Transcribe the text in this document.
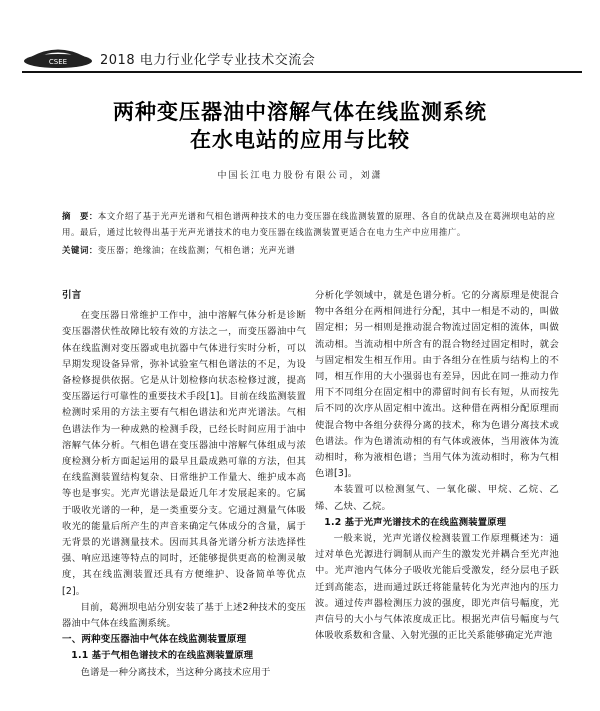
CSEE	2018 电力行业化学专业技术交流会
两种变压器油中溶解气体在线监测系统
在水电站的应用与比较
中国长江电力股份有限公司，刘潇
摘　要：本文介绍了基于光声光谱和气相色谱两种技术的电力变压器在线监测装置的原理、各自的优缺点及在葛洲坝电站的应用。最后，通过比较得出基于光声光谱技术的电力变压器在线监测装置更适合在电力生产中应用推广。
关键词：变压器；绝缘油；在线监测；气相色谱；光声光谱
引言

在变压器日常维护工作中，油中溶解气体分析是诊断变压器潜伏性故障比较有效的方法之一，而变压器油中气体在线监测对变压器或电抗器中气体进行实时分析，可以早期发现设备异常，弥补试验室气相色谱法的不足，为设备检修提供依据。它是从计划检修向状态检修过渡，提高变压器运行可靠性的重要技术手段[1]。目前在线监测装置检测时采用的方法主要有气相色谱法和光声光谱法。气相色谱法作为一种成熟的检测手段，已经长时间应用于油中溶解气体分析。气相色谱在变压器油中溶解气体组成与浓度检测分析方面起运用的最早且最成熟可靠的方法，但其在线监测装置结构复杂、日常维护工作量大、维护成本高等也是事实。光声光谱法是最近几年才发展起来的。它属于吸收光谱的一种，是一类重要分支。它通过测量气体吸收光的能量后所产生的声音来确定气体成分的含量，属于无背景的光谱测量技术。因而其具备光谱分析方法选择性强、响应迅速等特点的同时，还能够提供更高的检测灵敏度，其在线监测装置还具有方便维护、设备简单等优点[2]。

目前，葛洲坝电站分别安装了基于上述2种技术的变压器油中气体在线监测系统。

一、两种变压器油中气体在线监测装置原理
1.1 基于气相色谱技术的在线监测装置原理

色谱是一种分离技术，当这种分离技术应用于

分析化学领域中，就是色谱分析。它的分离原理是使混合物中各组分在两相间进行分配，其中一相是不动的，叫做固定相；另一相则是推动混合物流过固定相的流体，叫做流动相。当流动相中所含有的混合物经过固定相时，就会与固定相发生相互作用。由于各组分在性质与结构上的不同，相互作用的大小强弱也有差异，因此在同一推动力作用下不同组分在固定相中的滞留时间有长有短，从而按先后不同的次序从固定相中流出。这种借在两相分配原理而使混合物中各组分获得分离的技术，称为色谱分离技术或色谱法。作为色谱流动相的有气体或液体，当用液体为流动相时，称为液相色谱；当用气体为流动相时，称为气相色谱[3]。

本装置可以检测氢气、一氧化碳、甲烷、乙烷、乙烯、乙炔、乙烷。

1.2 基于光声光谱技术的在线监测装置原理

一般来说，光声光谱仪检测装置工作原理概述为：通过对单色光源进行调制从而产生的激发光并耦合至光声池中。光声池内气体分子吸收光能后受激发，经分层电子跃迁到高能态，进而通过跃迁将能量转化为光声池内的压力波。通过传声器检测压力波的强度，即光声信号幅度，光声信号的大小与气体浓度成正比。根据光声信号幅度与气体吸收系数和含量、入射光强的正比关系能够确定光声池
